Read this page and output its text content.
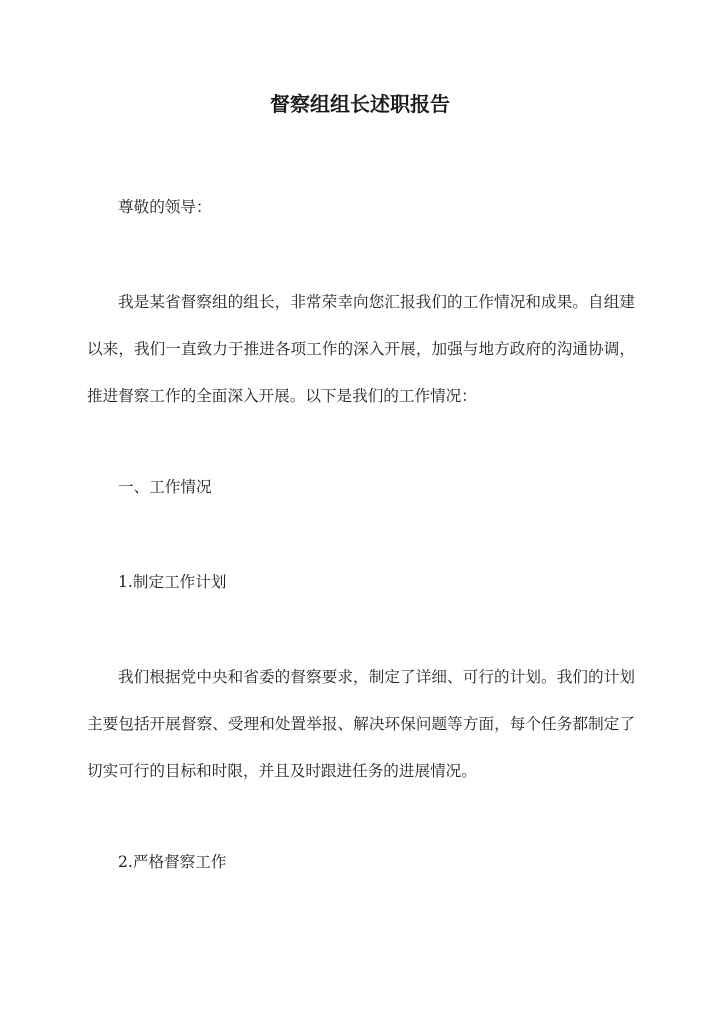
督察组组长述职报告
尊敬的领导：
我是某省督察组的组长，非常荣幸向您汇报我们的工作情况和成果。自组建以来，我们一直致力于推进各项工作的深入开展，加强与地方政府的沟通协调，推进督察工作的全面深入开展。以下是我们的工作情况：
一、工作情况
1.制定工作计划
我们根据党中央和省委的督察要求，制定了详细、可行的计划。我们的计划主要包括开展督察、受理和处置举报、解决环保问题等方面，每个任务都制定了切实可行的目标和时限，并且及时跟进任务的进展情况。
2.严格督察工作
